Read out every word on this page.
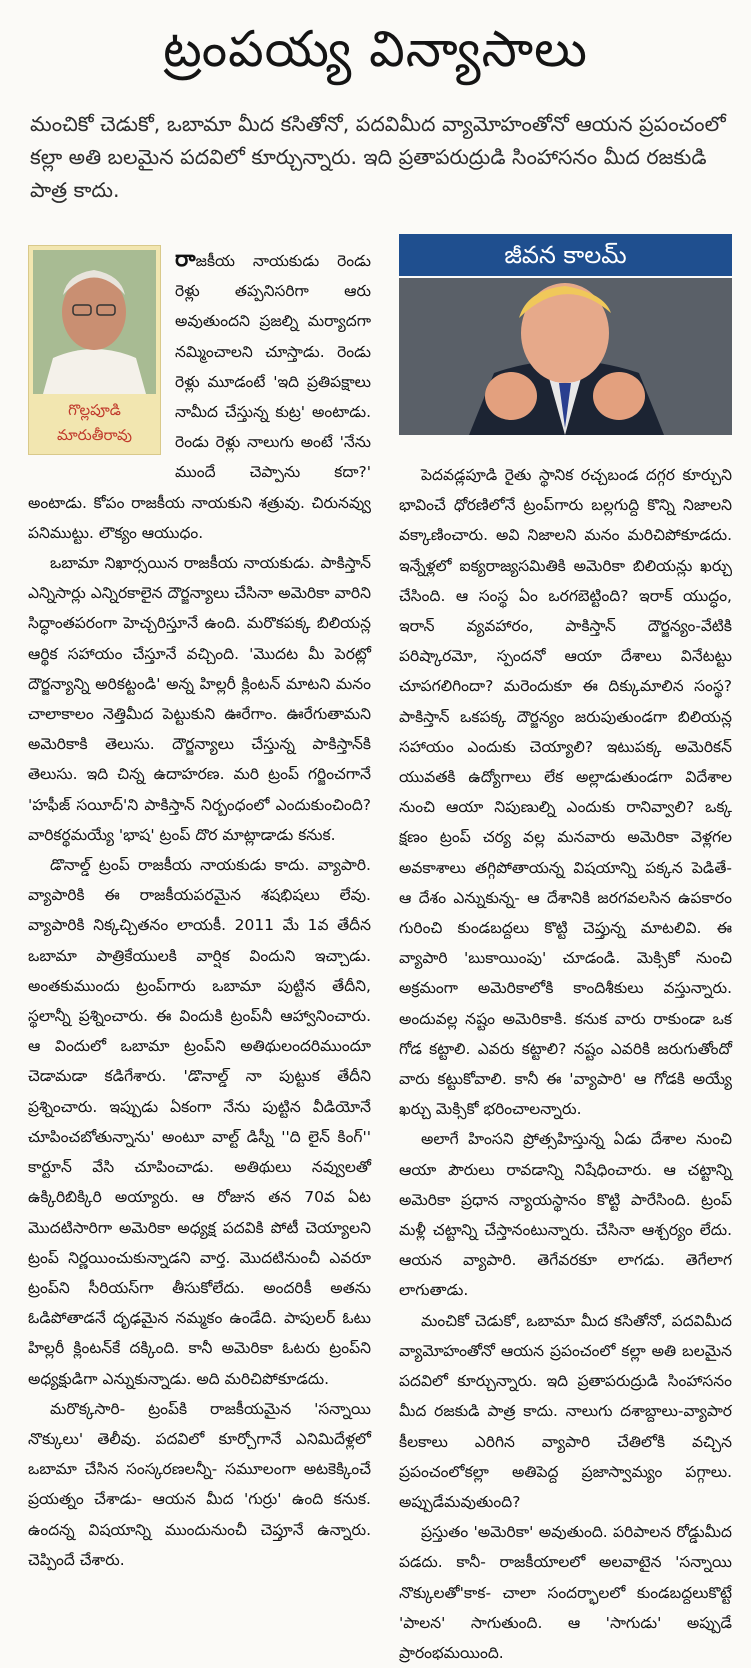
ట్రంపయ్య విన్యాసాలు

మంచికో చెడుకో, ఒబామా మీద కసితోనో, పదవిమీద వ్యామోహంతోనో ఆయన ప్రపంచంలో కల్లా అతి బలమైన పదవిలో కూర్చున్నారు. ఇది ప్రతాపరుద్రుడి సింహాసనం మీద రజకుడి పాత్ర కాదు.

జీవన కాలమ్
గొల్లపూడి మారుతీరావు

రాజకీయ నాయకుడు రెండు రెళ్లు తప్పనిసరిగా ఆరు అవుతుందని ప్రజల్ని మర్యాదగా నమ్మించాలని చూస్తాడు. రెండు రెళ్లు మూడంటే 'ఇది ప్రతిపక్షాలు నామీద చేస్తున్న కుట్ర' అంటాడు. రెండు రెళ్లు నాలుగు అంటే 'నేను ముందే చెప్పాను కదా?' అంటాడు. కోపం రాజకీయ నాయకుని శత్రువు. చిరునవ్వు పనిముట్టు. లౌక్యం ఆయుధం.

ఒబామా నిఖార్సయిన రాజకీయ నాయకుడు. పాకిస్తాన్ ఎన్నిసార్లు ఎన్నిరకాలైన దౌర్జన్యాలు చేసినా అమెరికా వారిని సిద్ధాంతపరంగా హెచ్చరిస్తూనే ఉంది. మరొకపక్క బిలియన్ల ఆర్థిక సహాయం చేస్తూనే వచ్చింది. 'మొదట మీ పెరట్లో దౌర్జన్యాన్ని అరికట్టండి' అన్న హిల్లరీ క్లింటన్ మాటని మనం చాలాకాలం నెత్తిమీద పెట్టుకుని ఊరేగాం. ఊరేగుతామని అమెరికాకి తెలుసు. దౌర్జన్యాలు చేస్తున్న పాకిస్తాన్‌కి తెలుసు. ఇది చిన్న ఉదాహరణ. మరి ట్రంప్ గర్జించగానే 'హఫీజ్ సయీద్'ని పాకిస్తాన్ నిర్బంధంలో ఎందుకుంచింది? వారికర్థమయ్యే 'భాష' ట్రంప్ దొర మాట్లాడాడు కనుక.

డొనాల్డ్ ట్రంప్ రాజకీయ నాయకుడు కాదు. వ్యాపారి. వ్యాపారికి ఈ రాజకీయపరమైన శషభిషలు లేవు. వ్యాపారికి నిక్కచ్చితనం లాయకీ. 2011 మే 1వ తేదీన ఒబామా పాత్రికేయులకి వార్షిక విందుని ఇచ్చాడు. అంతకుముందు ట్రంప్‌గారు ఒబామా పుట్టిన తేదీని, స్థలాన్నీ ప్రశ్నించారు. ఈ విందుకి ట్రంప్‌నీ ఆహ్వానించారు. ఆ విందులో ఒబామా ట్రంప్‌ని అతిథులందరిముందూ చెడామడా కడిగేశారు. 'డొనాల్డ్ నా పుట్టుక తేదీని ప్రశ్నించారు. ఇప్పుడు ఏకంగా నేను పుట్టిన వీడియోనే చూపించబోతున్నాను' అంటూ వాల్ట్ డిస్నీ ''ది లైన్ కింగ్'' కార్టూన్ వేసి చూపించాడు. అతిథులు నవ్వులతో ఉక్కిరిబిక్కిరి అయ్యారు. ఆ రోజున తన 70వ ఏట మొదటిసారిగా అమెరికా అధ్యక్ష పదవికి పోటీ చెయ్యాలని ట్రంప్ నిర్ణయించుకున్నాడని వార్త. మొదటినుంచీ ఎవరూ ట్రంప్‌ని సీరియస్‌గా తీసుకోలేదు. అందరికీ అతను ఓడిపోతాడనే దృఢమైన నమ్మకం ఉండేది. పాపులర్ ఓటు హిల్లరీ క్లింటన్‌కే దక్కింది. కానీ అమెరికా ఓటరు ట్రంప్‌ని అధ్యక్షుడిగా ఎన్నుకున్నాడు. అది మరిచిపోకూడదు.

మరొక్కసారి- ట్రంప్‌కి రాజకీయమైన 'సన్నాయి నొక్కులు' తెలీవు. పదవిలో కూర్చోగానే ఎనిమిదేళ్లలో ఒబామా చేసిన సంస్కరణలన్నీ- సమూలంగా అటకెక్కించే ప్రయత్నం చేశాడు- ఆయన మీద 'గుర్రు' ఉంది కనుక. ఉందన్న విషయాన్ని ముందునుంచీ చెప్తూనే ఉన్నారు. చెప్పిందే చేశారు.

పెదవడ్లపూడి రైతు స్థానిక రచ్చబండ దగ్గర కూర్చుని భావించే ధోరణిలోనే ట్రంప్‌గారు బల్లగుద్ది కొన్ని నిజాలని వక్కాణించారు. అవి నిజాలని మనం మరిచిపోకూడదు. ఇన్నేళ్లలో ఐక్యరాజ్యసమితికి అమెరికా బిలియన్లు ఖర్చు చేసింది. ఆ సంస్థ ఏం ఒరగబెట్టింది? ఇరాక్ యుద్ధం, ఇరాన్ వ్యవహారం, పాకిస్తాన్ దౌర్జన్యం-వేటికి పరిష్కారమో, స్పందనో ఆయా దేశాలు వినేటట్టు చూపగలిగిందా? మరెందుకూ ఈ దిక్కుమాలిన సంస్థ? పాకిస్తాన్ ఒకపక్క దౌర్జన్యం జరుపుతుండగా బిలియన్ల సహాయం ఎందుకు చెయ్యాలి? ఇటుపక్క అమెరికన్ యువతకి ఉద్యోగాలు లేక అల్లాడుతుండగా విదేశాల నుంచి ఆయా నిపుణుల్ని ఎందుకు రానివ్వాలి? ఒక్క క్షణం ట్రంప్ చర్య వల్ల మనవారు అమెరికా వెళ్లగల అవకాశాలు తగ్గిపోతాయన్న విషయాన్ని పక్కన పెడితే- ఆ దేశం ఎన్నుకున్న- ఆ దేశానికి జరగవలసిన ఉపకారం గురించి కుండబద్దలు కొట్టి చెప్తున్న మాటలివి. ఈ వ్యాపారి 'బుకాయింపు' చూడండి. మెక్సికో నుంచి అక్రమంగా అమెరికాలోకి కాందిశీకులు వస్తున్నారు. అందువల్ల నష్టం అమెరికాకి. కనుక వారు రాకుండా ఒక గోడ కట్టాలి. ఎవరు కట్టాలి? నష్టం ఎవరికి జరుగుతోందో వారు కట్టుకోవాలి. కానీ ఈ 'వ్యాపారి' ఆ గోడకి అయ్యే ఖర్చు మెక్సికో భరించాలన్నారు.

అలాగే హింసని ప్రోత్సహిస్తున్న ఏడు దేశాల నుంచి ఆయా పౌరులు రావడాన్ని నిషేధించారు. ఆ చట్టాన్ని అమెరికా ప్రధాన న్యాయస్థానం కొట్టి పారేసింది. ట్రంప్ మళ్లీ చట్టాన్ని చేస్తానంటున్నారు. చేసినా ఆశ్చర్యం లేదు. ఆయన వ్యాపారి. తెగేవరకూ లాగడు. తెగేలాగ లాగుతాడు.

మంచికో చెడుకో, ఒబామా మీద కసితోనో, పదవిమీద వ్యామోహంతోనో ఆయన ప్రపంచంలో కల్లా అతి బలమైన పదవిలో కూర్చున్నారు. ఇది ప్రతాపరుద్రుడి సింహాసనం మీద రజకుడి పాత్ర కాదు. నాలుగు దశాబ్దాలు-వ్యాపార కీలకాలు ఎరిగిన వ్యాపారి చేతిలోకి వచ్చిన ప్రపంచంలోకల్లా అతిపెద్ద ప్రజాస్వామ్యం పగ్గాలు. అప్పుడేమవుతుంది?

ప్రస్తుతం 'అమెరికా' అవుతుంది. పరిపాలన రోడ్డుమీద పడదు. కానీ- రాజకీయాలలో అలవాటైన 'సన్నాయి నొక్కులతో'కాక- చాలా సందర్భాలలో కుండబద్దలుకొట్టే 'పాలన' సాగుతుంది. ఆ 'సాగుడు' అప్పుడే ప్రారంభమయింది.
